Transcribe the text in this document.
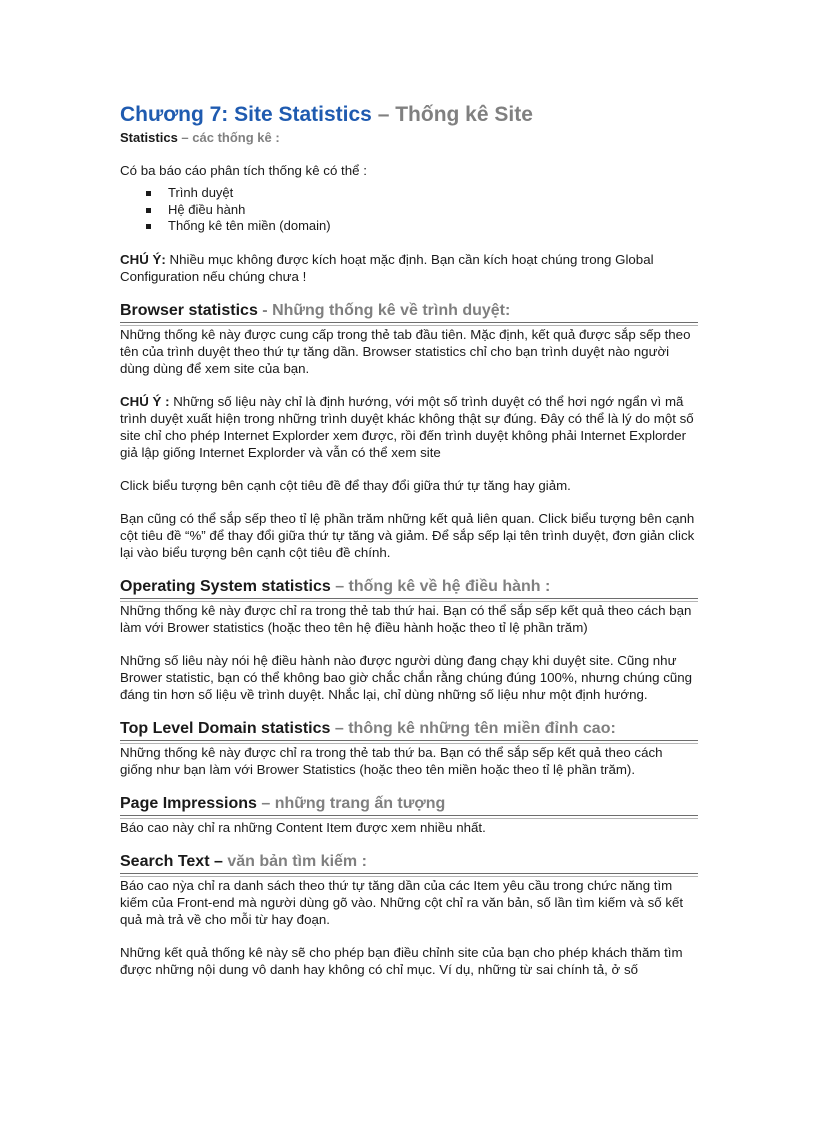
Chương 7: Site Statistics – Thống kê Site
Statistics – các thống kê :

Có ba báo cáo phân tích thống kê có thể :

Trình duyệt
Hệ điều hành
Thống kê tên miền (domain)

CHÚ Ý: Nhiều mục không được kích hoạt mặc định. Bạn cần kích hoạt chúng trong Global Configuration nếu chúng chưa !

Browser statistics - Những thống kê về trình duyệt:

Những thống kê này được cung cấp trong thẻ tab đầu tiên. Mặc định, kết quả được sắp sếp theo tên của trình duyệt theo thứ tự tăng dần. Browser statistics chỉ cho bạn trình duyệt nào người dùng dùng để xem site của bạn.

CHÚ Ý : Những số liệu này chỉ là định hướng, với một số trình duyệt có thể hơi ngớ ngẩn vì mã trình duyệt xuất hiện trong những trình duyệt khác không thật sự đúng. Đây có thể là lý do một số site chỉ cho phép Internet Explorder xem được, rồi đến trình duyệt không phải Internet Explorder giả lập giống Internet Explorder và vẫn có thể xem site

Click biểu tượng bên cạnh cột tiêu đề để thay đổi giữa thứ tự tăng hay giảm.

Bạn cũng có thể sắp sếp theo tỉ lệ phần trăm những kết quả liên quan. Click biểu tượng bên cạnh cột tiêu đề “%” để thay đổi giữa thứ tự tăng và giảm. Để sắp sếp lại tên trình duyệt, đơn giản click lại vào biểu tượng bên cạnh cột tiêu đề chính.

Operating System statistics – thống kê về hệ điều hành :

Những thống kê này được chỉ ra trong thẻ tab thứ hai. Bạn có thể sắp sếp kết quả theo cách bạn làm với Brower statistics (hoặc theo tên hệ điều hành hoặc theo tỉ lệ phần trăm)

Những số liêu này nói hệ điều hành nào được người dùng đang chạy khi duyệt site. Cũng như Brower statistic, bạn có thể không bao giờ chắc chắn rằng chúng đúng 100%, nhưng chúng cũng đáng tin hơn số liệu về trình duyệt. Nhắc lại, chỉ dùng những số liệu như một định hướng.

Top Level Domain statistics – thông kê những tên miền đỉnh cao:

Những thống kê này được chỉ ra trong thẻ tab thứ ba. Bạn có thể sắp sếp kết quả theo cách giống như bạn làm với Brower Statistics (hoặc theo tên miền hoặc theo tỉ lệ phần trăm).

Page Impressions – những trang ấn tượng

Báo cao này chỉ ra những Content Item được xem nhiều nhất.

Search Text – văn bản tìm kiếm :

Báo cao nỳa chỉ ra danh sách theo thứ tự tăng dần của các Item yêu cầu trong chức năng tìm kiếm của Front-end mà người dùng gõ vào. Những cột chỉ ra văn bản, số lần tìm kiếm và số kết quả mà trả về cho mỗi từ hay đoạn.

Những kết quả thống kê này sẽ cho phép bạn điều chỉnh site của bạn cho phép khách thăm tìm được những nội dung vô danh hay không có chỉ mục. Ví dụ, những từ sai chính tả, ở số
